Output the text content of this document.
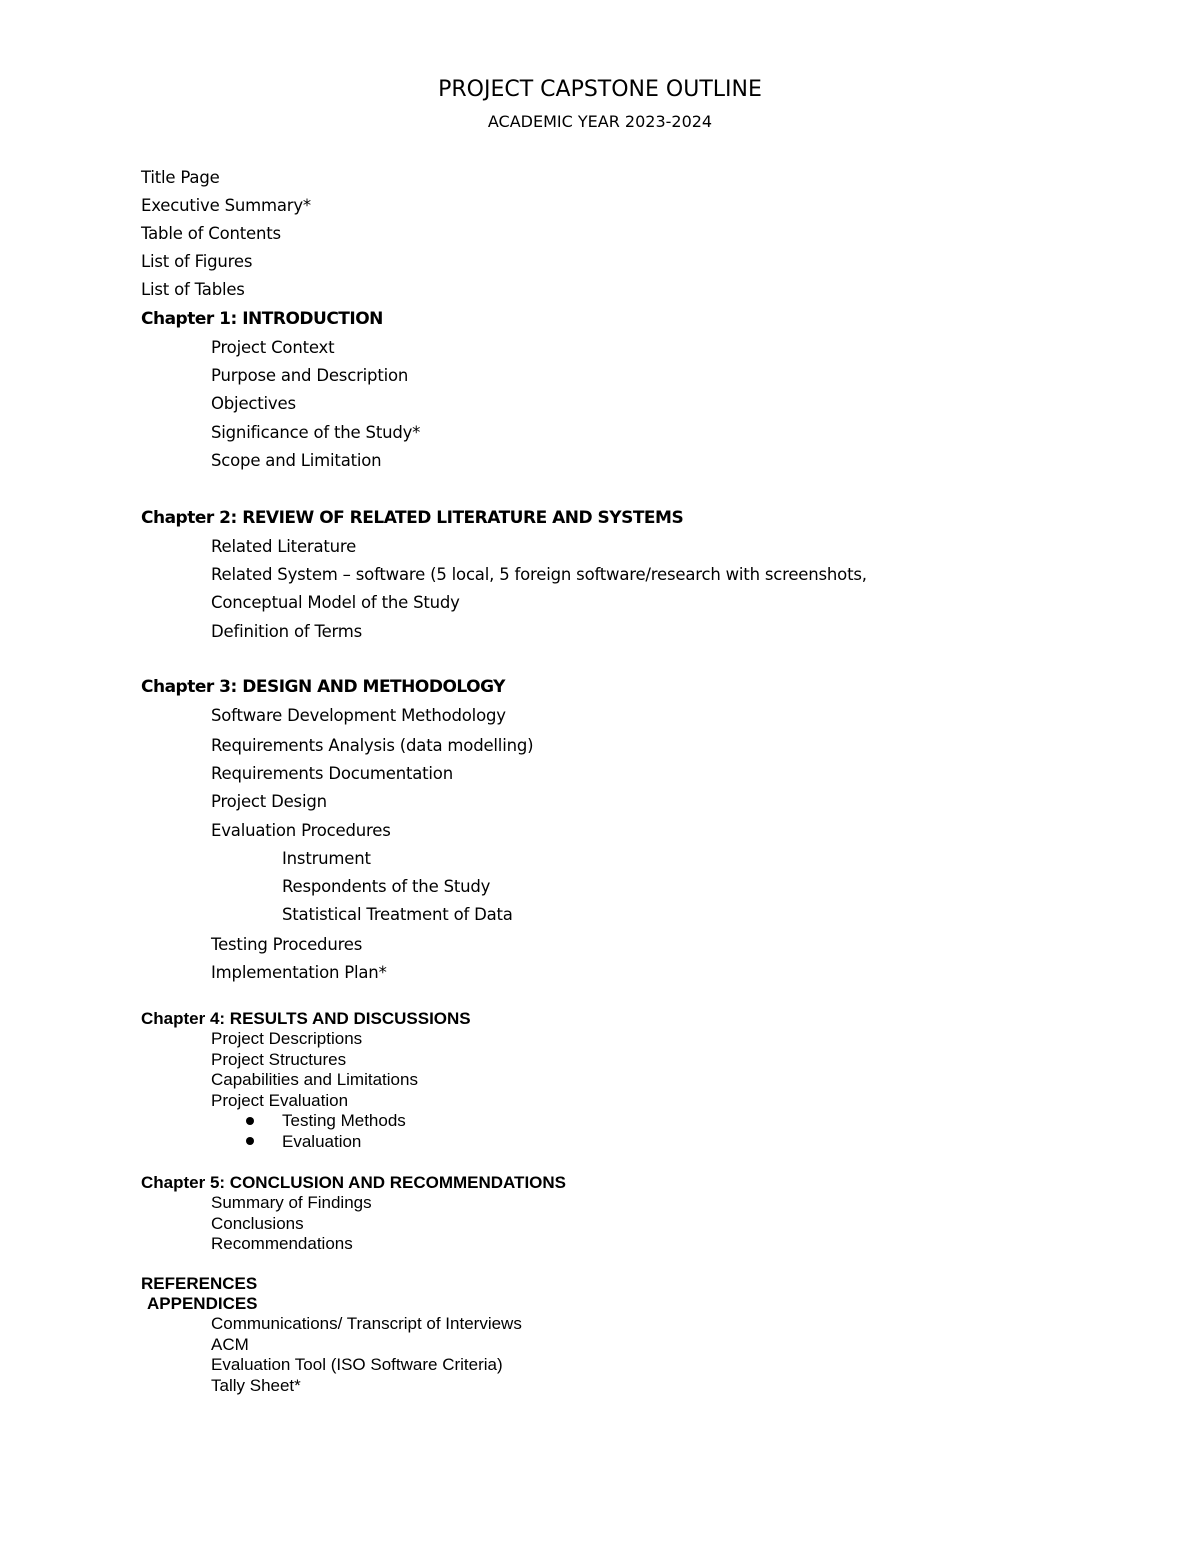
PROJECT CAPSTONE OUTLINE
ACADEMIC YEAR 2023-2024
Title Page
Executive Summary*
Table of Contents
List of Figures
List of Tables
Chapter 1: INTRODUCTION
Project Context
Purpose and Description
Objectives
Significance of the Study*
Scope and Limitation
Chapter 2: REVIEW OF RELATED LITERATURE AND SYSTEMS
Related Literature
Related System – software (5 local, 5 foreign software/research with screenshots,
Conceptual Model of the Study
Definition of Terms
Chapter 3: DESIGN AND METHODOLOGY
Software Development Methodology
Requirements Analysis (data modelling)
Requirements Documentation
Project Design
Evaluation Procedures
Instrument
Respondents of the Study
Statistical Treatment of Data
Testing Procedures
Implementation Plan*
Chapter 4: RESULTS AND DISCUSSIONS
Project Descriptions
Project Structures
Capabilities and Limitations
Project Evaluation
Testing Methods
Evaluation
Chapter 5: CONCLUSION AND RECOMMENDATIONS
Summary of Findings
Conclusions
Recommendations
REFERENCES
APPENDICES
Communications/ Transcript of Interviews
ACM
Evaluation Tool (ISO Software Criteria)
Tally Sheet*
